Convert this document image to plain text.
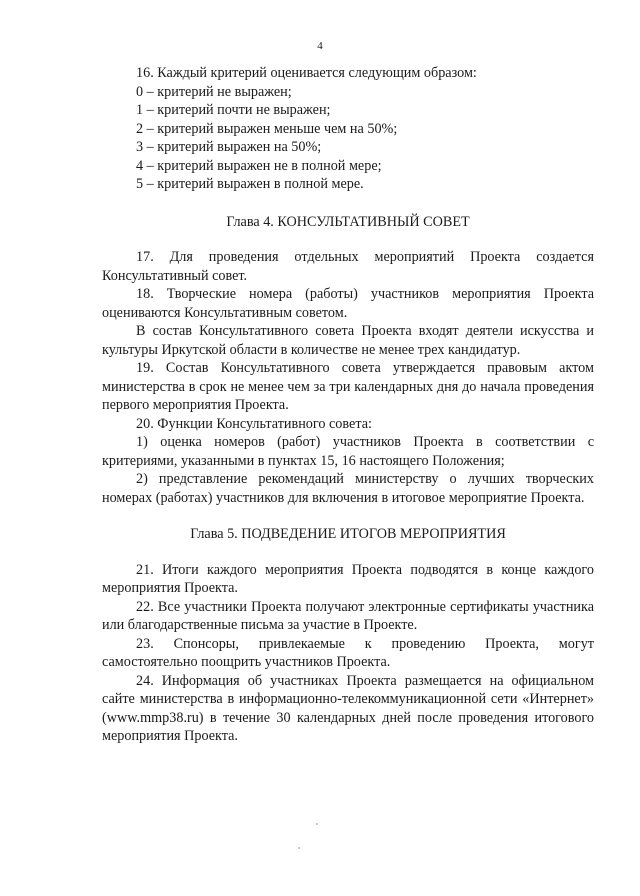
4

16. Каждый критерий оценивается следующим образом:

0 – критерий не выражен;

1 – критерий почти не выражен;

2 – критерий выражен меньше чем на 50%;

3 – критерий выражен на 50%;

4 – критерий выражен не в полной мере;

5 – критерий выражен в полной мере.

Глава 4. КОНСУЛЬТАТИВНЫЙ СОВЕТ

17. Для проведения отдельных мероприятий Проекта создается Консультативный совет.

18. Творческие номера (работы) участников мероприятия Проекта оцениваются Консультативным советом.

В состав Консультативного совета Проекта входят деятели искусства и культуры Иркутской области в количестве не менее трех кандидатур.

19. Состав Консультативного совета утверждается правовым актом министерства в срок не менее чем за три календарных дня до начала проведения первого мероприятия Проекта.

20. Функции Консультативного совета:

1) оценка номеров (работ) участников Проекта в соответствии с критериями, указанными в пунктах 15, 16 настоящего Положения;

2) представление рекомендаций министерству о лучших творческих номерах (работах) участников для включения в итоговое мероприятие Проекта.

Глава 5. ПОДВЕДЕНИЕ ИТОГОВ МЕРОПРИЯТИЯ

21. Итоги каждого мероприятия Проекта подводятся в конце каждого мероприятия Проекта.

22. Все участники Проекта получают электронные сертификаты участника или благодарственные письма за участие в Проекте.

23. Спонсоры, привлекаемые к проведению Проекта, могут самостоятельно поощрить участников Проекта.

24. Информация об участниках Проекта размещается на официальном сайте министерства в информационно-телекоммуникационной сети «Интернет» (www.mmp38.ru) в течение 30 календарных дней после проведения итогового мероприятия Проекта.
